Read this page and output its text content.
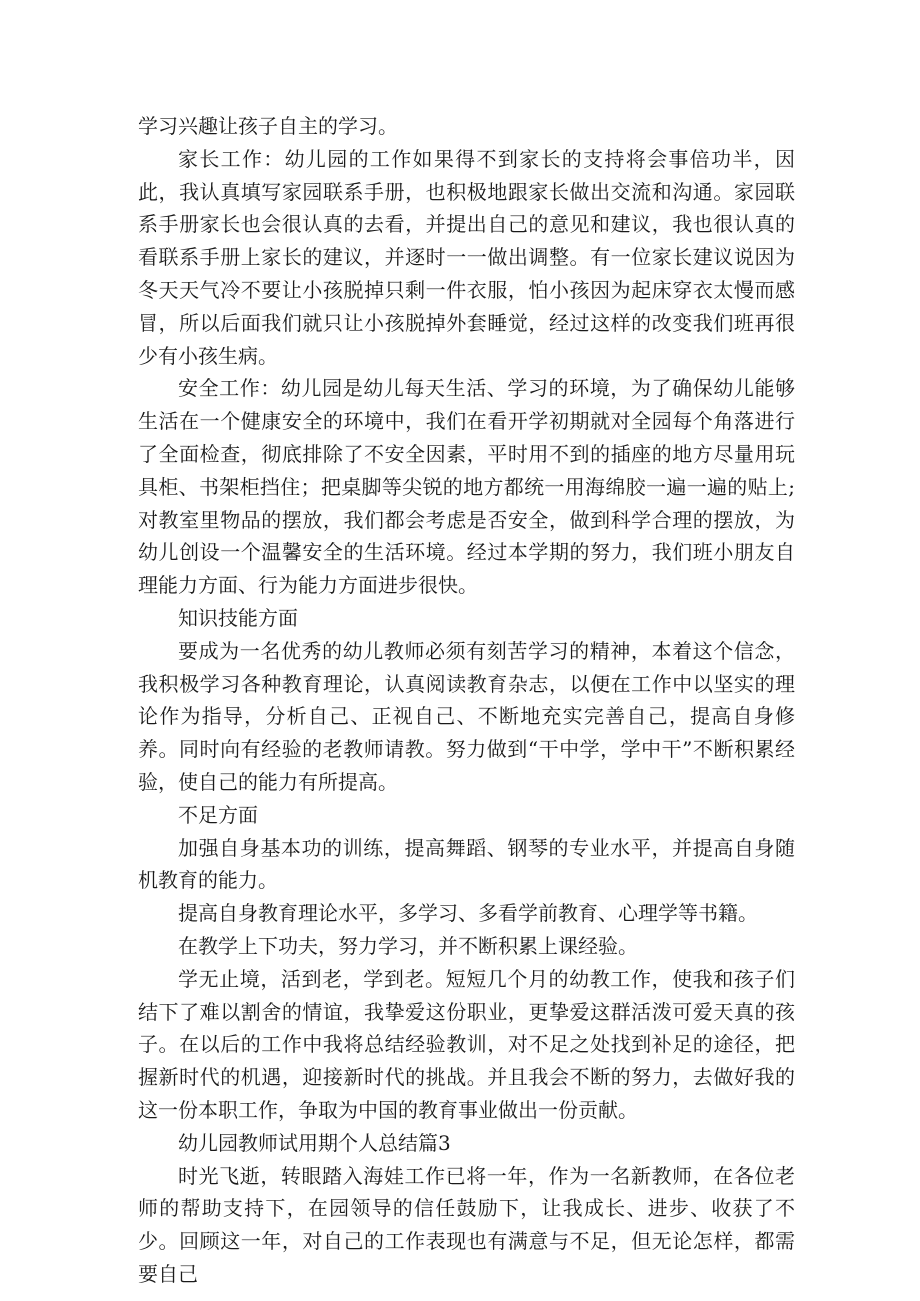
学习兴趣让孩子自主的学习。

家长工作：幼儿园的工作如果得不到家长的支持将会事倍功半，因此，我认真填写家园联系手册，也积极地跟家长做出交流和沟通。家园联系手册家长也会很认真的去看，并提出自己的意见和建议，我也很认真的看联系手册上家长的建议，并逐时一一做出调整。有一位家长建议说因为冬天天气冷不要让小孩脱掉只剩一件衣服，怕小孩因为起床穿衣太慢而感冒，所以后面我们就只让小孩脱掉外套睡觉，经过这样的改变我们班再很少有小孩生病。

安全工作：幼儿园是幼儿每天生活、学习的环境，为了确保幼儿能够生活在一个健康安全的环境中，我们在看开学初期就对全园每个角落进行了全面检查，彻底排除了不安全因素，平时用不到的插座的地方尽量用玩具柜、书架柜挡住；把桌脚等尖锐的地方都统一用海绵胶一遍一遍的贴上;对教室里物品的摆放，我们都会考虑是否安全，做到科学合理的摆放，为幼儿创设一个温馨安全的生活环境。经过本学期的努力，我们班小朋友自理能力方面、行为能力方面进步很快。

知识技能方面

要成为一名优秀的幼儿教师必须有刻苦学习的精神，本着这个信念，我积极学习各种教育理论，认真阅读教育杂志，以便在工作中以坚实的理论作为指导，分析自己、正视自己、不断地充实完善自己，提高自身修养。同时向有经验的老教师请教。努力做到“干中学，学中干”不断积累经验，使自己的能力有所提高。

不足方面

加强自身基本功的训练，提高舞蹈、钢琴的专业水平，并提高自身随机教育的能力。

提高自身教育理论水平，多学习、多看学前教育、心理学等书籍。

在教学上下功夫，努力学习，并不断积累上课经验。

学无止境，活到老，学到老。短短几个月的幼教工作，使我和孩子们结下了难以割舍的情谊，我挚爱这份职业，更挚爱这群活泼可爱天真的孩子。在以后的工作中我将总结经验教训，对不足之处找到补足的途径，把握新时代的机遇，迎接新时代的挑战。并且我会不断的努力，去做好我的这一份本职工作，争取为中国的教育事业做出一份贡献。

幼儿园教师试用期个人总结篇3

时光飞逝，转眼踏入海娃工作已将一年，作为一名新教师，在各位老师的帮助支持下，在园领导的信任鼓励下，让我成长、进步、收获了不少。回顾这一年，对自己的工作表现也有满意与不足，但无论怎样，都需要自己
